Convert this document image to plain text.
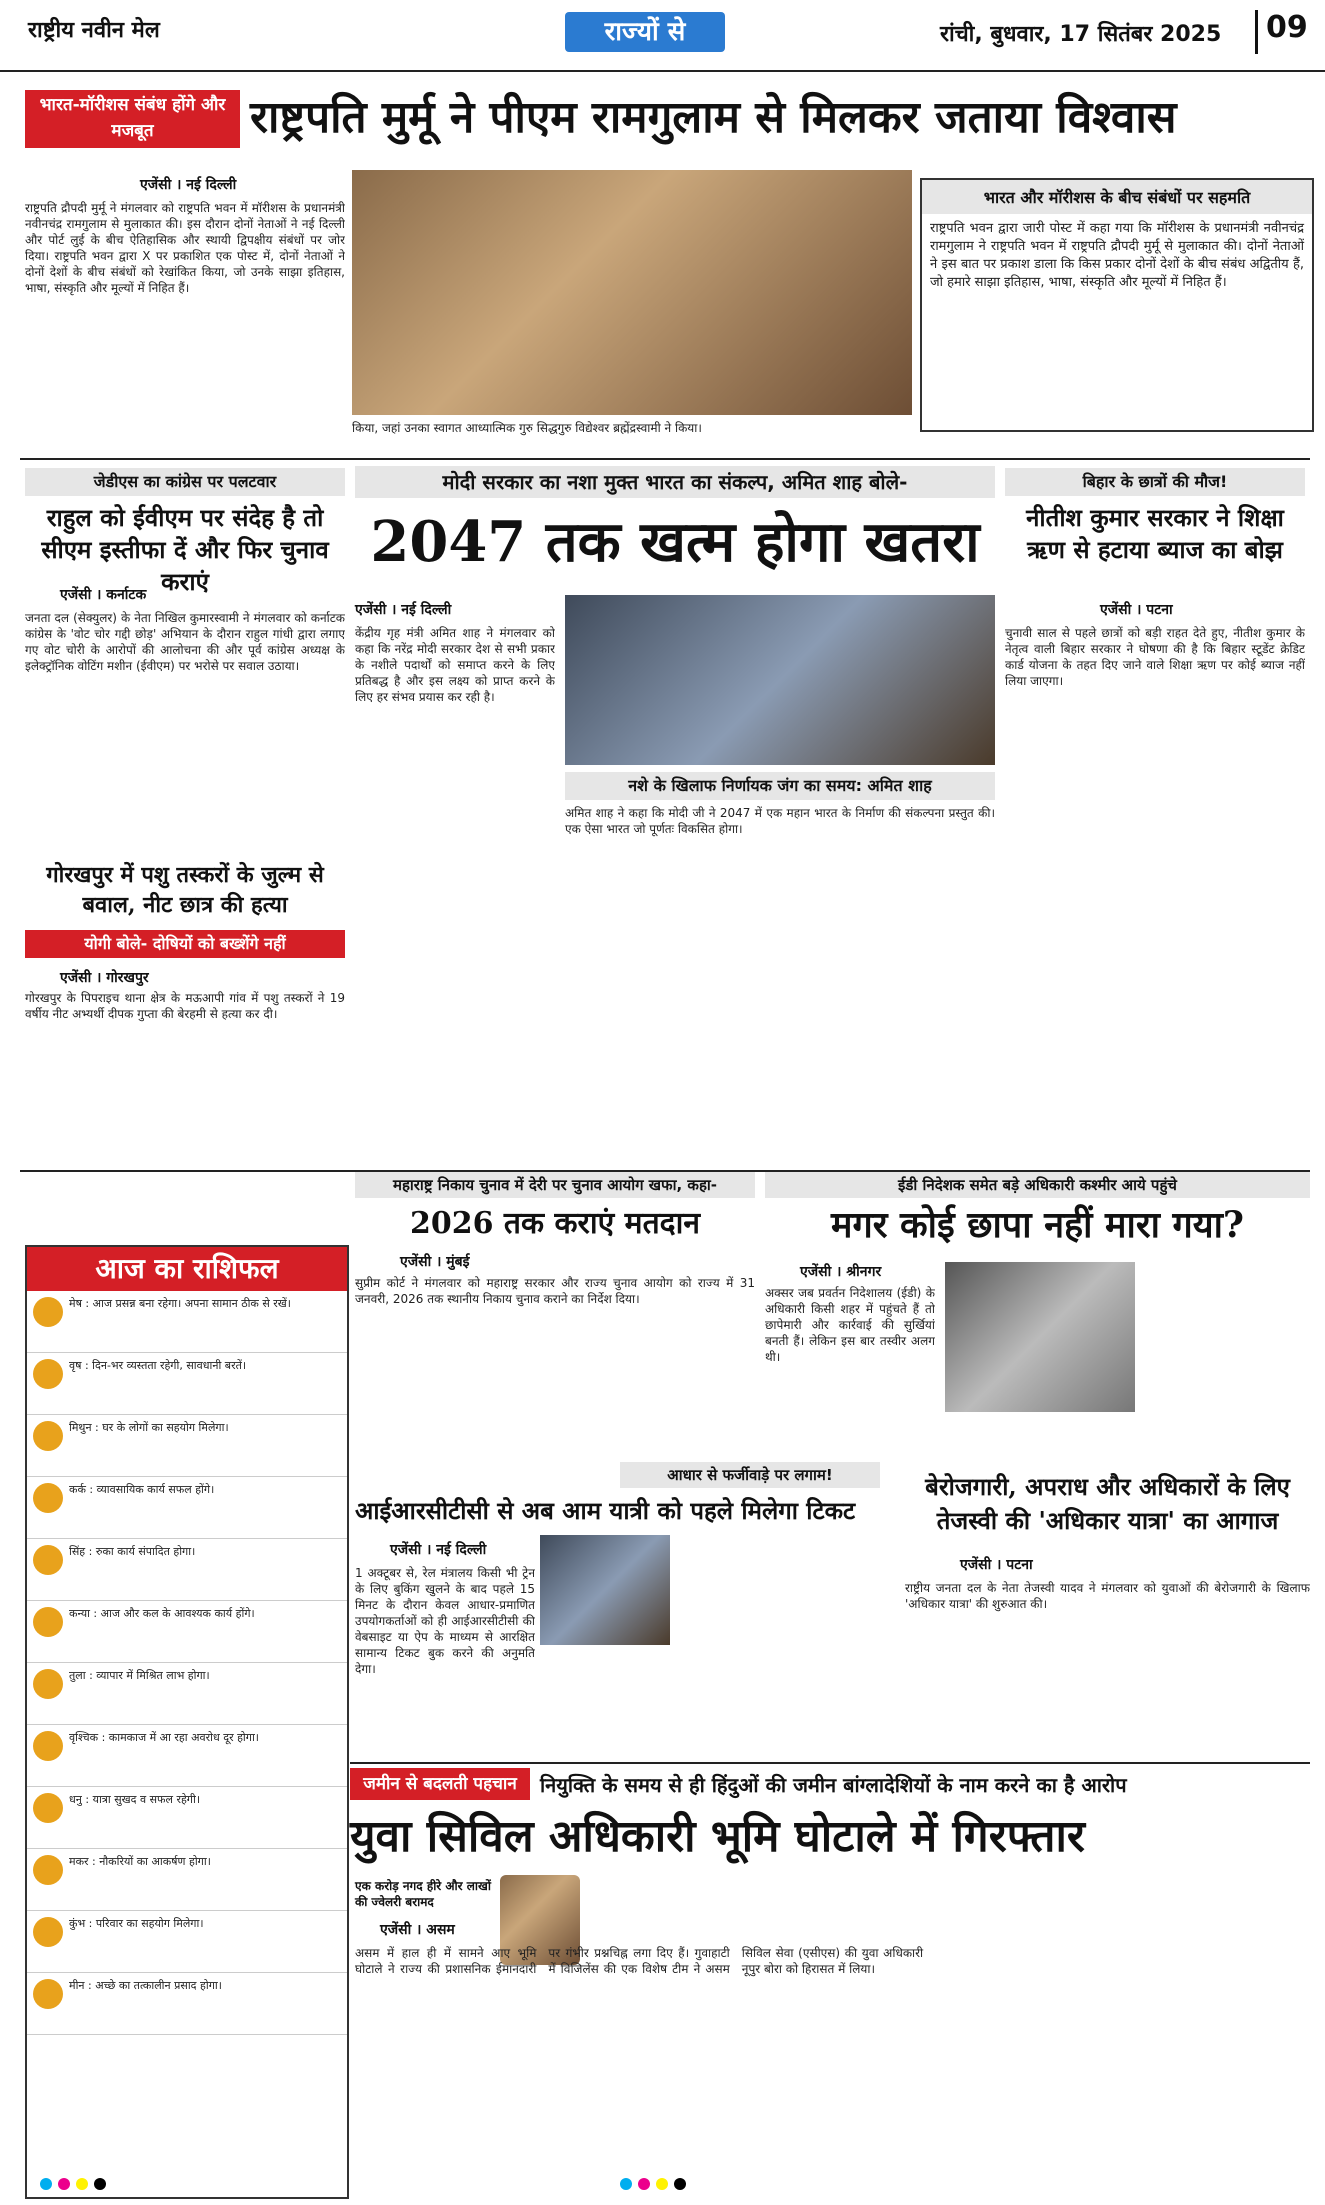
राष्ट्रीय नवीन मेल	राज्यों से	रांची, बुधवार, 17 सितंबर 2025	09
भारत-मॉरीशस संबंध होंगे और मजबूत	राष्ट्रपति मुर्मू ने पीएम रामगुलाम से मिलकर जताया विश्वास
एजेंसी । नई दिल्ली
राष्ट्रपति द्रौपदी मुर्मू ने मंगलवार को राष्ट्रपति भवन में मॉरीशस के प्रधानमंत्री नवीनचंद्र रामगुलाम से मुलाकात की। इस दौरान दोनों नेताओं ने नई दिल्ली और पोर्ट लुई के बीच ऐतिहासिक और स्थायी द्विपक्षीय संबंधों पर जोर दिया। राष्ट्रपति भवन द्वारा X पर प्रकाशित एक पोस्ट में, दोनों नेताओं ने दोनों देशों के बीच संबंधों को रेखांकित किया, जो उनके साझा इतिहास, भाषा, संस्कृति और मूल्यों में निहित हैं।
किया, जहां उनका स्वागत आध्यात्मिक गुरु सिद्धगुरु विद्येश्वर ब्रह्मेंद्रस्वामी ने किया।
भारत और मॉरीशस के बीच संबंधों पर सहमति
राष्ट्रपति भवन द्वारा जारी पोस्ट में कहा गया कि मॉरीशस के प्रधानमंत्री नवीनचंद्र रामगुलाम ने राष्ट्रपति भवन में राष्ट्रपति द्रौपदी मुर्मू से मुलाकात की। दोनों नेताओं ने इस बात पर प्रकाश डाला कि किस प्रकार दोनों देशों के बीच संबंध अद्वितीय हैं, जो हमारे साझा इतिहास, भाषा, संस्कृति और मूल्यों में निहित हैं।
जेडीएस का कांग्रेस पर पलटवार
राहुल को ईवीएम पर संदेह है तो सीएम इस्तीफा दें और फिर चुनाव कराएं
एजेंसी । कर्नाटक
जनता दल (सेक्युलर) के नेता निखिल कुमारस्वामी ने मंगलवार को कर्नाटक कांग्रेस के 'वोट चोर गद्दी छोड़' अभियान के दौरान राहुल गांधी द्वारा लगाए गए वोट चोरी के आरोपों की आलोचना की और पूर्व कांग्रेस अध्यक्ष के इलेक्ट्रॉनिक वोटिंग मशीन (ईवीएम) पर भरोसे पर सवाल उठाया।
मोदी सरकार का नशा मुक्त भारत का संकल्प, अमित शाह बोले-
2047 तक खत्म होगा खतरा
एजेंसी । नई दिल्ली
केंद्रीय गृह मंत्री अमित शाह ने मंगलवार को कहा कि नरेंद्र मोदी सरकार देश से सभी प्रकार के नशीले पदार्थों को समाप्त करने के लिए प्रतिबद्ध है और इस लक्ष्य को प्राप्त करने के लिए हर संभव प्रयास कर रही है।
नशे के खिलाफ निर्णायक जंग का समय: अमित शाह
अमित शाह ने कहा कि मोदी जी ने 2047 में एक महान भारत के निर्माण की संकल्पना प्रस्तुत की। एक ऐसा भारत जो पूर्णतः विकसित होगा।
बिहार के छात्रों की मौज!
नीतीश कुमार सरकार ने शिक्षा ऋण से हटाया ब्याज का बोझ
एजेंसी । पटना
चुनावी साल से पहले छात्रों को बड़ी राहत देते हुए, नीतीश कुमार के नेतृत्व वाली बिहार सरकार ने घोषणा की है कि बिहार स्टूडेंट क्रेडिट कार्ड योजना के तहत दिए जाने वाले शिक्षा ऋण पर कोई ब्याज नहीं लिया जाएगा।
गोरखपुर में पशु तस्करों के जुल्म से बवाल, नीट छात्र की हत्या
योगी बोले- दोषियों को बख्शेंगे नहीं
एजेंसी । गोरखपुर
गोरखपुर के पिपराइच थाना क्षेत्र के मऊआपी गांव में पशु तस्करों ने 19 वर्षीय नीट अभ्यर्थी दीपक गुप्ता की बेरहमी से हत्या कर दी।
महाराष्ट्र निकाय चुनाव में देरी पर चुनाव आयोग खफा, कहा-
2026 तक कराएं मतदान
एजेंसी । मुंबई
सुप्रीम कोर्ट ने मंगलवार को महाराष्ट्र सरकार और राज्य चुनाव आयोग को राज्य में 31 जनवरी, 2026 तक स्थानीय निकाय चुनाव कराने का निर्देश दिया।
ईडी निदेशक समेत बड़े अधिकारी कश्मीर आये पहुंचे
मगर कोई छापा नहीं मारा गया?
एजेंसी । श्रीनगर
अक्सर जब प्रवर्तन निदेशालय (ईडी) के अधिकारी किसी शहर में पहुंचते हैं तो छापेमारी और कार्रवाई की सुर्खियां बनती हैं। लेकिन इस बार तस्वीर अलग थी।
आज का राशिफल
मेष : आज प्रसन्न बना रहेगा। अपना सामान ठीक से रखें।
वृष : दिन-भर व्यस्तता रहेगी, सावधानी बरतें।
मिथुन : घर के लोगों का सहयोग मिलेगा।
कर्क : व्यावसायिक कार्य सफल होंगे।
सिंह : रुका कार्य संपादित होगा।
कन्या : आज और कल के आवश्यक कार्य होंगे।
तुला : व्यापार में मिश्रित लाभ होगा।
वृश्चिक : कामकाज में आ रहा अवरोध दूर होगा।
धनु : यात्रा सुखद व सफल रहेगी।
मकर : नौकरियों का आकर्षण होगा।
कुंभ : परिवार का सहयोग मिलेगा।
मीन : अच्छे का तत्कालीन प्रसाद होगा।
आधार से फर्जीवाड़े पर लगाम!
आईआरसीटीसी से अब आम यात्री को पहले मिलेगा टिकट
एजेंसी । नई दिल्ली
1 अक्टूबर से, रेल मंत्रालय किसी भी ट्रेन के लिए बुकिंग खुलने के बाद पहले 15 मिनट के दौरान केवल आधार-प्रमाणित उपयोगकर्ताओं को ही आईआरसीटीसी की वेबसाइट या ऐप के माध्यम से आरक्षित सामान्य टिकट बुक करने की अनुमति देगा।
बेरोजगारी, अपराध और अधिकारों के लिए तेजस्वी की 'अधिकार यात्रा' का आगाज
एजेंसी । पटना
राष्ट्रीय जनता दल के नेता तेजस्वी यादव ने मंगलवार को युवाओं की बेरोजगारी के खिलाफ 'अधिकार यात्रा' की शुरुआत की।
जमीन से बदलती पहचान	नियुक्ति के समय से ही हिंदुओं की जमीन बांग्लादेशियों के नाम करने का है आरोप
युवा सिविल अधिकारी भूमि घोटाले में गिरफ्तार
एक करोड़ नगद हीरे और लाखों की ज्वेलरी बरामद
एजेंसी । असम
असम में हाल ही में सामने आए भूमि घोटाले ने राज्य की प्रशासनिक ईमानदारी पर गंभीर प्रश्नचिह्न लगा दिए हैं। गुवाहाटी में विजिलेंस की एक विशेष टीम ने असम सिविल सेवा (एसीएस) की युवा अधिकारी नूपुर बोरा को हिरासत में लिया।
